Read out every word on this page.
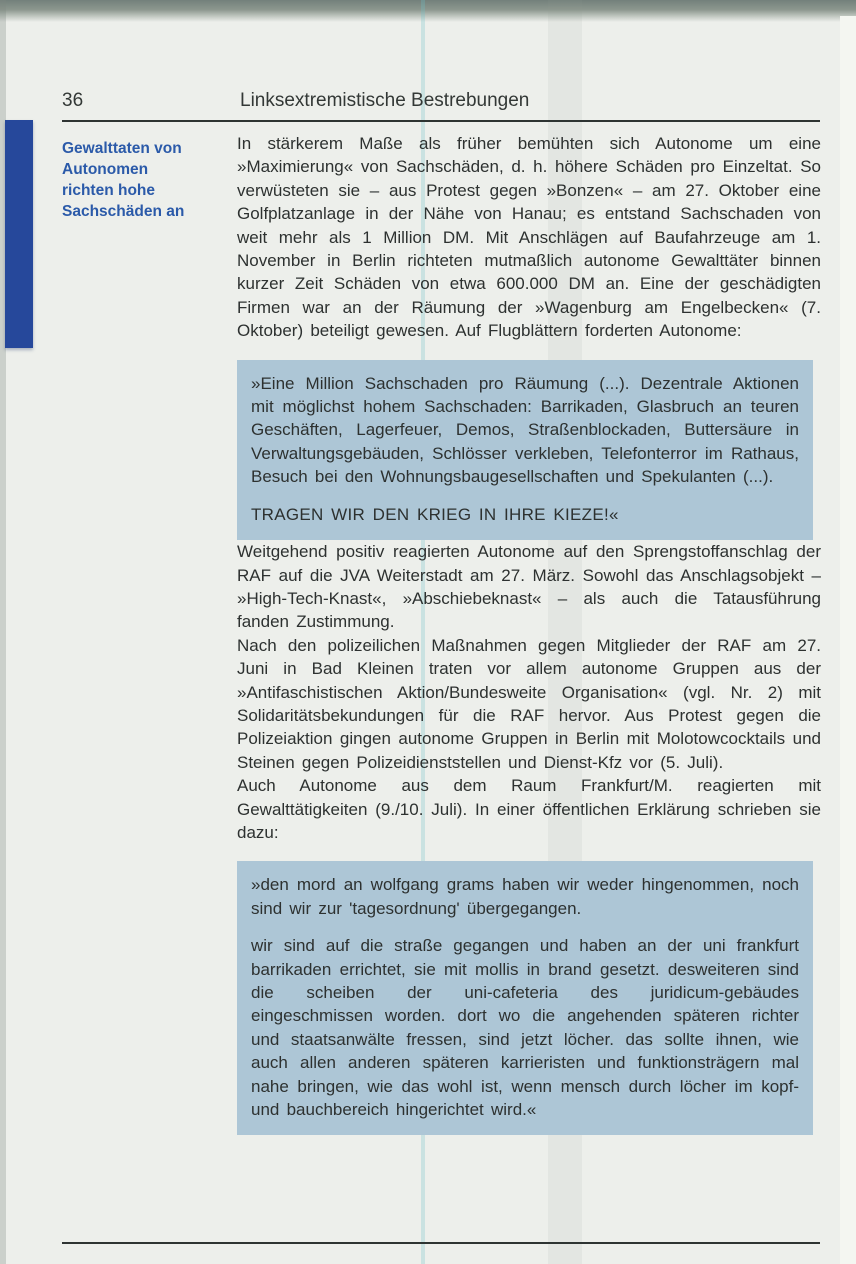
36	Linksextremistische Bestrebungen
Gewalttaten von
Autonomen
richten hohe
Sachschäden an

In stärkerem Maße als früher bemühten sich Autonome um eine »Maximierung« von Sachschäden, d. h. höhere Schäden pro Einzeltat. So verwüsteten sie – aus Protest gegen »Bonzen« – am 27. Oktober eine Golfplatzanlage in der Nähe von Hanau; es entstand Sachschaden von weit mehr als 1 Million DM. Mit Anschlägen auf Baufahrzeuge am 1. November in Berlin richteten mutmaßlich autonome Gewalttäter binnen kurzer Zeit Schäden von etwa 600.000 DM an. Eine der geschädigten Firmen war an der Räumung der »Wagenburg am Engelbecken« (7. Oktober) beteiligt gewesen. Auf Flugblättern forderten Autonome:

»Eine Million Sachschaden pro Räumung (...). Dezentrale Aktionen mit möglichst hohem Sachschaden: Barrikaden, Glasbruch an teuren Geschäften, Lagerfeuer, Demos, Straßenblockaden, Buttersäure in Verwaltungsgebäuden, Schlösser verkleben, Telefonterror im Rathaus, Besuch bei den Wohnungsbaugesellschaften und Spekulanten (...).

TRAGEN WIR DEN KRIEG IN IHRE KIEZE!«

Weitgehend positiv reagierten Autonome auf den Sprengstoffanschlag der RAF auf die JVA Weiterstadt am 27. März. Sowohl das Anschlagsobjekt – »High-Tech-Knast«, »Abschiebeknast« – als auch die Tatausführung fanden Zustimmung.

Nach den polizeilichen Maßnahmen gegen Mitglieder der RAF am 27. Juni in Bad Kleinen traten vor allem autonome Gruppen aus der »Antifaschistischen Aktion/Bundesweite Organisation« (vgl. Nr. 2) mit Solidaritätsbekundungen für die RAF hervor. Aus Protest gegen die Polizeiaktion gingen autonome Gruppen in Berlin mit Molotowcocktails und Steinen gegen Polizeidienststellen und Dienst-Kfz vor (5. Juli).

Auch Autonome aus dem Raum Frankfurt/M. reagierten mit Gewalttätigkeiten (9./10. Juli). In einer öffentlichen Erklärung schrieben sie dazu:

»den mord an wolfgang grams haben wir weder hingenommen, noch sind wir zur 'tagesordnung' übergegangen.

wir sind auf die straße gegangen und haben an der uni frankfurt barrikaden errichtet, sie mit mollis in brand gesetzt. desweiteren sind die scheiben der uni-cafeteria des juridicum-gebäudes eingeschmissen worden. dort wo die angehenden späteren richter und staatsanwälte fressen, sind jetzt löcher. das sollte ihnen, wie auch allen anderen späteren karrieristen und funktionsträgern mal nahe bringen, wie das wohl ist, wenn mensch durch löcher im kopf- und bauchbereich hingerichtet wird.«
